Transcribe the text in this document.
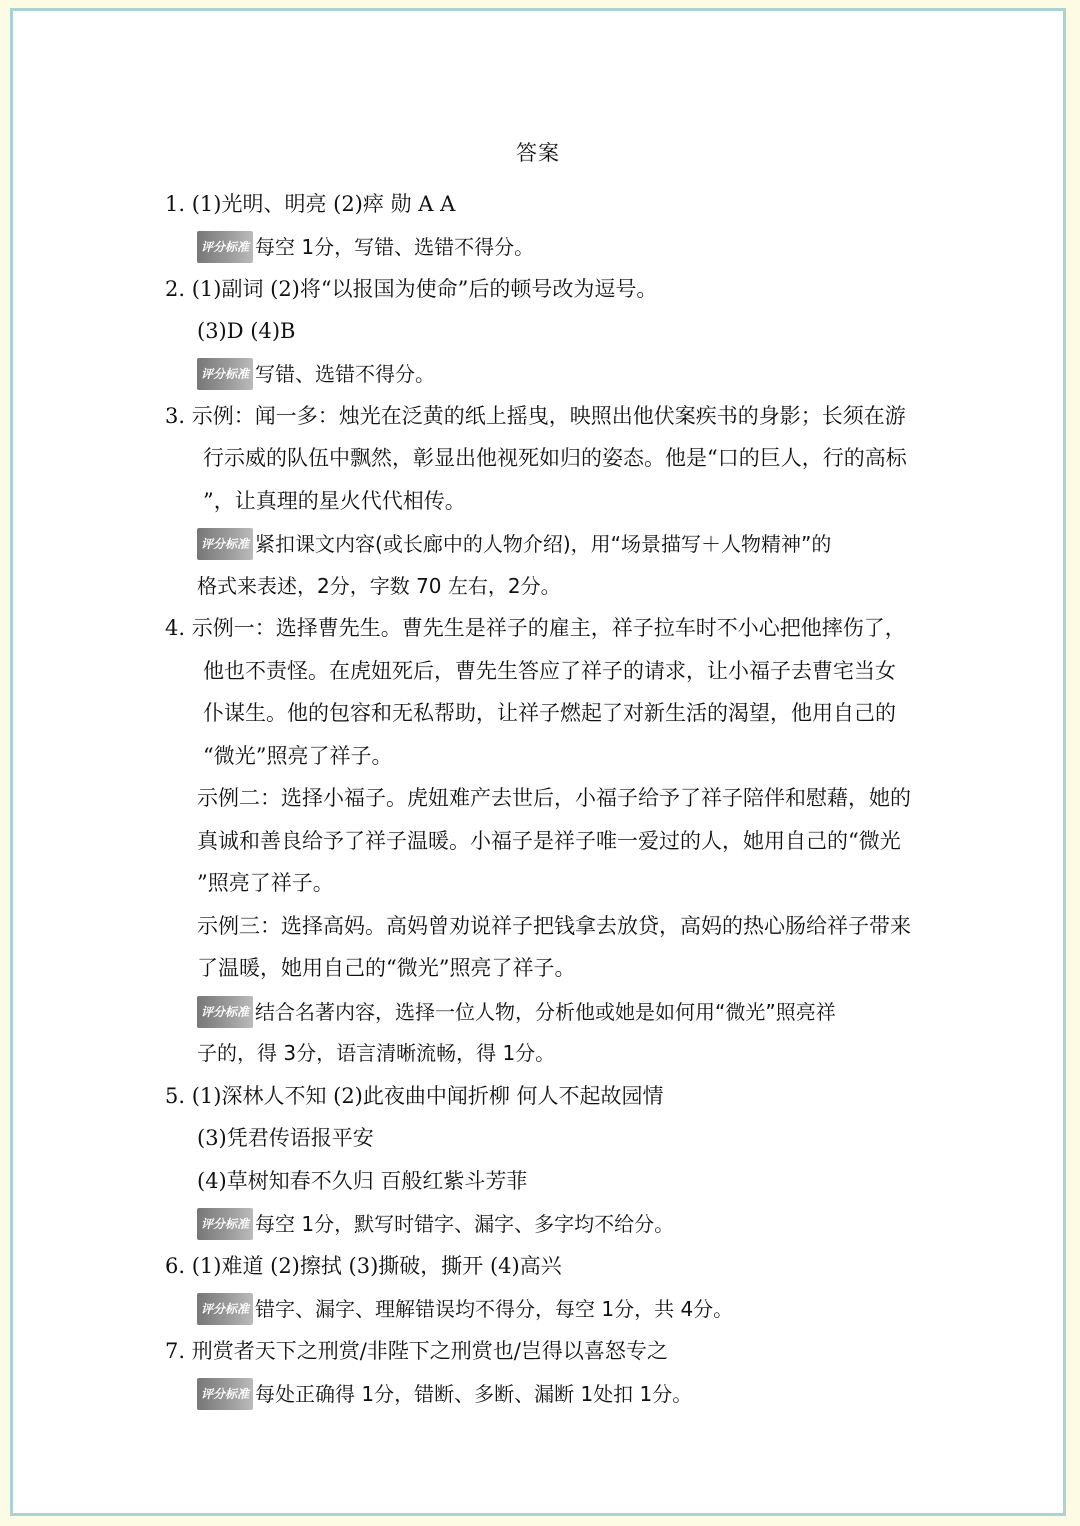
答案
1. (1)光明、明亮 (2)瘁 勋 A A
评分标准 每空 1分，写错、选错不得分。
2. (1)副词 (2)将“以报国为使命”后的顿号改为逗号。
(3)D (4)B
评分标准 写错、选错不得分。
3. 示例：闻一多：烛光在泛黄的纸上摇曳，映照出他伏案疾书的身影；长须在游
行示威的队伍中飘然，彰显出他视死如归的姿态。他是“口的巨人，行的高标
”，让真理的星火代代相传。
评分标准 紧扣课文内容(或长廊中的人物介绍)，用“场景描写＋人物精神”的
格式来表述，2分，字数 70 左右，2分。
4. 示例一：选择曹先生。曹先生是祥子的雇主，祥子拉车时不小心把他摔伤了，
他也不责怪。在虎妞死后，曹先生答应了祥子的请求，让小福子去曹宅当女
仆谋生。他的包容和无私帮助，让祥子燃起了对新生活的渴望，他用自己的
“微光”照亮了祥子。
示例二：选择小福子。虎妞难产去世后，小福子给予了祥子陪伴和慰藉，她的
真诚和善良给予了祥子温暖。小福子是祥子唯一爱过的人，她用自己的“微光
”照亮了祥子。
示例三：选择高妈。高妈曾劝说祥子把钱拿去放贷，高妈的热心肠给祥子带来
了温暖，她用自己的“微光”照亮了祥子。
评分标准 结合名著内容，选择一位人物，分析他或她是如何用“微光”照亮祥
子的，得 3分，语言清晰流畅，得 1分。
5. (1)深林人不知 (2)此夜曲中闻折柳 何人不起故园情
(3)凭君传语报平安
(4)草树知春不久归 百般红紫斗芳菲
评分标准 每空 1分，默写时错字、漏字、多字均不给分。
6. (1)难道 (2)擦拭 (3)撕破，撕开 (4)高兴
评分标准 错字、漏字、理解错误均不得分，每空 1分，共 4分。
7. 刑赏者天下之刑赏/非陛下之刑赏也/岂得以喜怒专之
评分标准 每处正确得 1分，错断、多断、漏断 1处扣 1分。
